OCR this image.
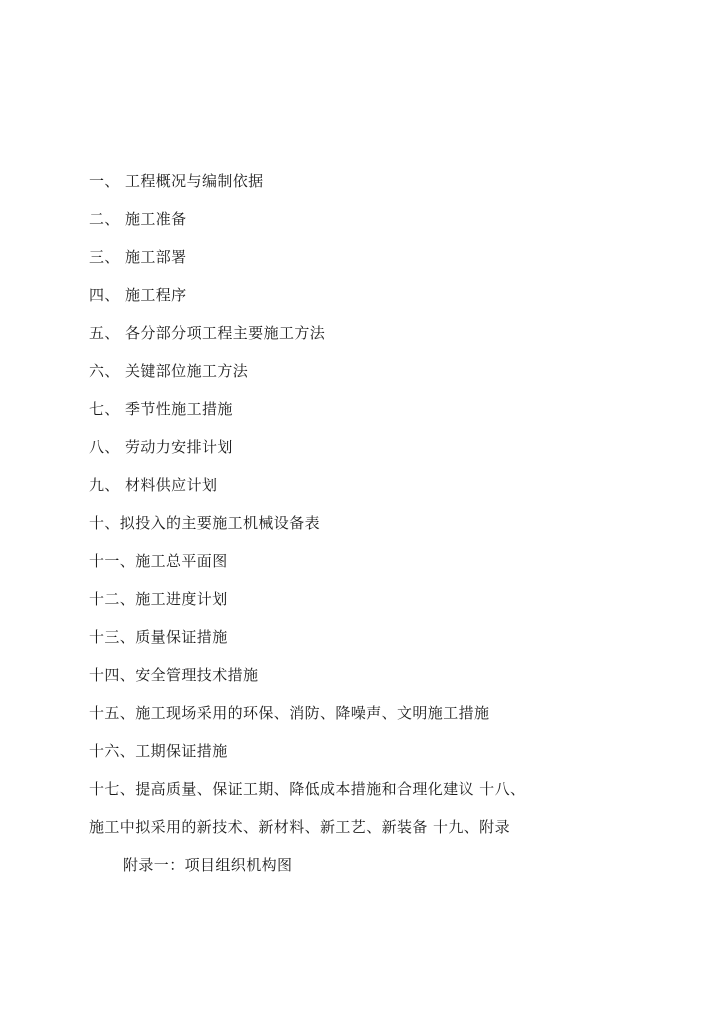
一、 工程概况与编制依据
二、 施工准备
三、 施工部署
四、 施工程序
五、 各分部分项工程主要施工方法
六、 关键部位施工方法
七、 季节性施工措施
八、 劳动力安排计划
九、 材料供应计划
十、拟投入的主要施工机械设备表
十一、施工总平面图
十二、施工进度计划
十三、质量保证措施
十四、安全管理技术措施
十五、施工现场采用的环保、消防、降噪声、文明施工措施
十六、工期保证措施
十七、提高质量、保证工期、降低成本措施和合理化建议 十八、
施工中拟采用的新技术、新材料、新工艺、新装备 十九、附录
附录一：项目组织机构图
